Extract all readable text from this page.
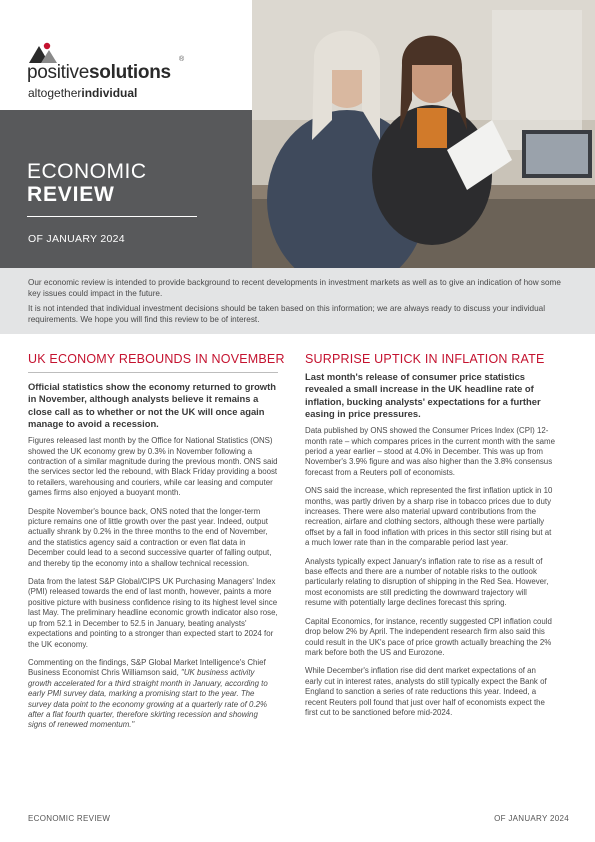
positivesolutions
®
altogetherindividual
ECONOMIC
REVIEW
OF JANUARY 2024

Our economic review is intended to provide background to recent developments in investment markets as well as to give an indication of how some key issues could impact in the future.

It is not intended that individual investment decisions should be taken based on this information; we are always ready to discuss your individual requirements. We hope you will find this review to be of interest.

UK ECONOMY REBOUNDS IN NOVEMBER

Official statistics show the economy returned to growth in November, although analysts believe it remains a close call as to whether or not the UK will once again manage to avoid a recession.

Figures released last month by the Office for National Statistics (ONS) showed the UK economy grew by 0.3% in November following a contraction of a similar magnitude during the previous month. ONS said the services sector led the rebound, with Black Friday providing a boost to retailers, warehousing and couriers, while car leasing and computer games firms also enjoyed a buoyant month.

Despite November's bounce back, ONS noted that the longer-term picture remains one of little growth over the past year. Indeed, output actually shrank by 0.2% in the three months to the end of November, and the statistics agency said a contraction or even flat data in December could lead to a second successive quarter of falling output, and thereby tip the economy into a shallow technical recession.

Data from the latest S&P Global/CIPS UK Purchasing Managers' Index (PMI) released towards the end of last month, however, paints a more positive picture with business confidence rising to its highest level since last May. The preliminary headline economic growth indicator also rose, up from 52.1 in December to 52.5 in January, beating analysts' expectations and pointing to a stronger than expected start to 2024 for the UK economy.

Commenting on the findings, S&P Global Market Intelligence's Chief Business Economist Chris Williamson said, "UK business activity growth accelerated for a third straight month in January, according to early PMI survey data, marking a promising start to the year. The survey data point to the economy growing at a quarterly rate of 0.2% after a flat fourth quarter, therefore skirting recession and showing signs of renewed momentum."

SURPRISE UPTICK IN INFLATION RATE

Last month's release of consumer price statistics revealed a small increase in the UK headline rate of inflation, bucking analysts' expectations for a further easing in price pressures.

Data published by ONS showed the Consumer Prices Index (CPI) 12-month rate – which compares prices in the current month with the same period a year earlier – stood at 4.0% in December. This was up from November's 3.9% figure and was also higher than the 3.8% consensus forecast from a Reuters poll of economists.

ONS said the increase, which represented the first inflation uptick in 10 months, was partly driven by a sharp rise in tobacco prices due to duty increases. There were also material upward contributions from the recreation, airfare and clothing sectors, although these were partially offset by a fall in food inflation with prices in this sector still rising but at a much lower rate than in the comparable period last year.

Analysts typically expect January's inflation rate to rise as a result of base effects and there are a number of notable risks to the outlook particularly relating to disruption of shipping in the Red Sea. However, most economists are still predicting the downward trajectory will resume with potentially large declines forecast this spring.

Capital Economics, for instance, recently suggested CPI inflation could drop below 2% by April. The independent research firm also said this could result in the UK's pace of price growth actually breaching the 2% mark before both the US and Eurozone.

While December's inflation rise did dent market expectations of an early cut in interest rates, analysts do still typically expect the Bank of England to sanction a series of rate reductions this year. Indeed, a recent Reuters poll found that just over half of economists expect the first cut to be sanctioned before mid-2024.

ECONOMIC REVIEW	OF JANUARY 2024
